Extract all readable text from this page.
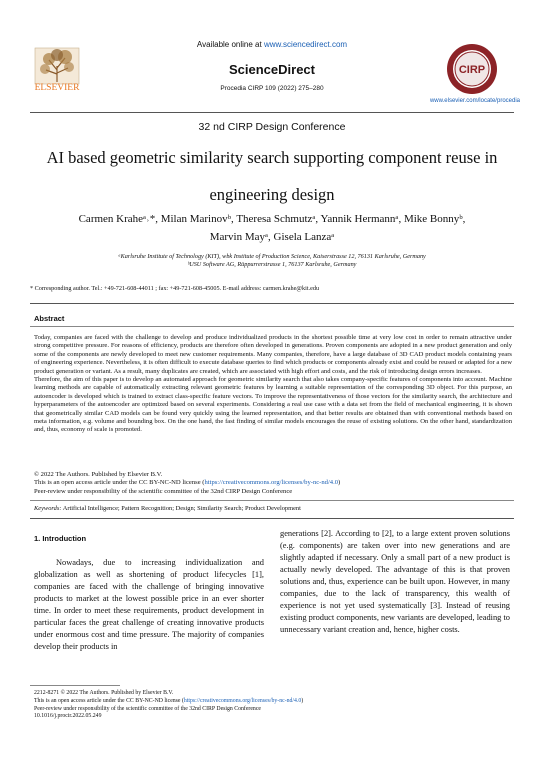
Available online at www.sciencedirect.com
ELSEVIER
ScienceDirect
Procedia CIRP 109 (2022) 275–280
CIRP
www.elsevier.com/locate/procedia
32 nd CIRP Design Conference
AI based geometric similarity search supporting component reuse in
engineering design
Carmen Kraheᵃ˒*, Milan Marinovᵇ, Theresa Schmutzᵃ, Yannik Hermannᵃ, Mike Bonnyᵇ,
Marvin Mayᵃ, Gisela Lanzaᵃ
ᵃKarlsruhe Institute of Technology (KIT), wbk Institute of Production Science, Kaiserstrasse 12, 76131 Karlsruhe, Germany
ᵇUSU Software AG, Rüppurrerstrasse 1, 76137 Karlsruhe, Germany
* Corresponding author. Tel.: +49-721-608-44011 ; fax: +49-721-608-45005. E-mail address: carmen.krahe@kit.edu
Abstract

Today, companies are faced with the challenge to develop and produce individualized products in the shortest possible time at very low cost in order to remain attractive under strong competitive pressure. For reasons of efficiency, products are therefore often developed in generations. Proven components are adopted in a new product generation and only some of the components are newly developed to meet new customer requirements. Many companies, therefore, have a large database of 3D CAD product models containing years of engineering experience. Nevertheless, it is often difficult to execute database queries to find which products or components already exist and could be reused or adapted for a new product generation or variant. As a result, many duplicates are created, which are associated with high effort and costs, and the risk of introducing design errors increases.

Therefore, the aim of this paper is to develop an automated approach for geometric similarity search that also takes company-specific features of components into account. Machine learning methods are capable of automatically extracting relevant geometric features by learning a suitable representation of the corresponding 3D object. For this purpose, an autoencoder is developed which is trained to extract class-specific feature vectors. To improve the representativeness of those vectors for the similarity search, the architecture and hyperparameters of the autoencoder are optimized based on several experiments. Considering a real use case with a data set from the field of mechanical engineering, it is shown that geometrically similar CAD models can be found very quickly using the learned representation, and that better results are obtained than with conventional methods based on meta information, e.g. volume and bounding box. On the one hand, the fast finding of similar models encourages the reuse of existing solutions. On the other hand, standardization and, thus, economy of scale is promoted.

© 2022 The Authors. Published by Elsevier B.V.
This is an open access article under the CC BY-NC-ND license (https://creativecommons.org/licenses/by-nc-nd/4.0)
Peer-review under responsibility of the scientific committee of the 32nd CIRP Design Conference
Keywords: Artificial Intelligence; Pattern Recognition; Design; Similarity Search; Product Development
1. Introduction

Nowadays, due to increasing individualization and globalization as well as shortening of product lifecycles [1], companies are faced with the challenge of bringing innovative products to market at the lowest possible price in an ever shorter time. In order to meet these requirements, product development in particular faces the great challenge of creating innovative products under enormous cost and time pressure. The majority of companies develop their products in

generations [2]. According to [2], to a large extent proven solutions (e.g. components) are taken over into new generations and are slightly adapted if necessary. Only a small part of a new product is actually newly developed. The advantage of this is that proven solutions and, thus, experience can be built upon. However, in many companies, due to the lack of transparency, this wealth of experience is not yet used systematically [3]. Instead of reusing existing product components, new variants are developed, leading to unnecessary variant creation and, hence, higher costs.

2212-8271 © 2022 The Authors. Published by Elsevier B.V.
This is an open access article under the CC BY-NC-ND license (https://creativecommons.org/licenses/by-nc-nd/4.0)
Peer-review under responsibility of the scientific committee of the 32nd CIRP Design Conference
10.1016/j.procir.2022.05.249
